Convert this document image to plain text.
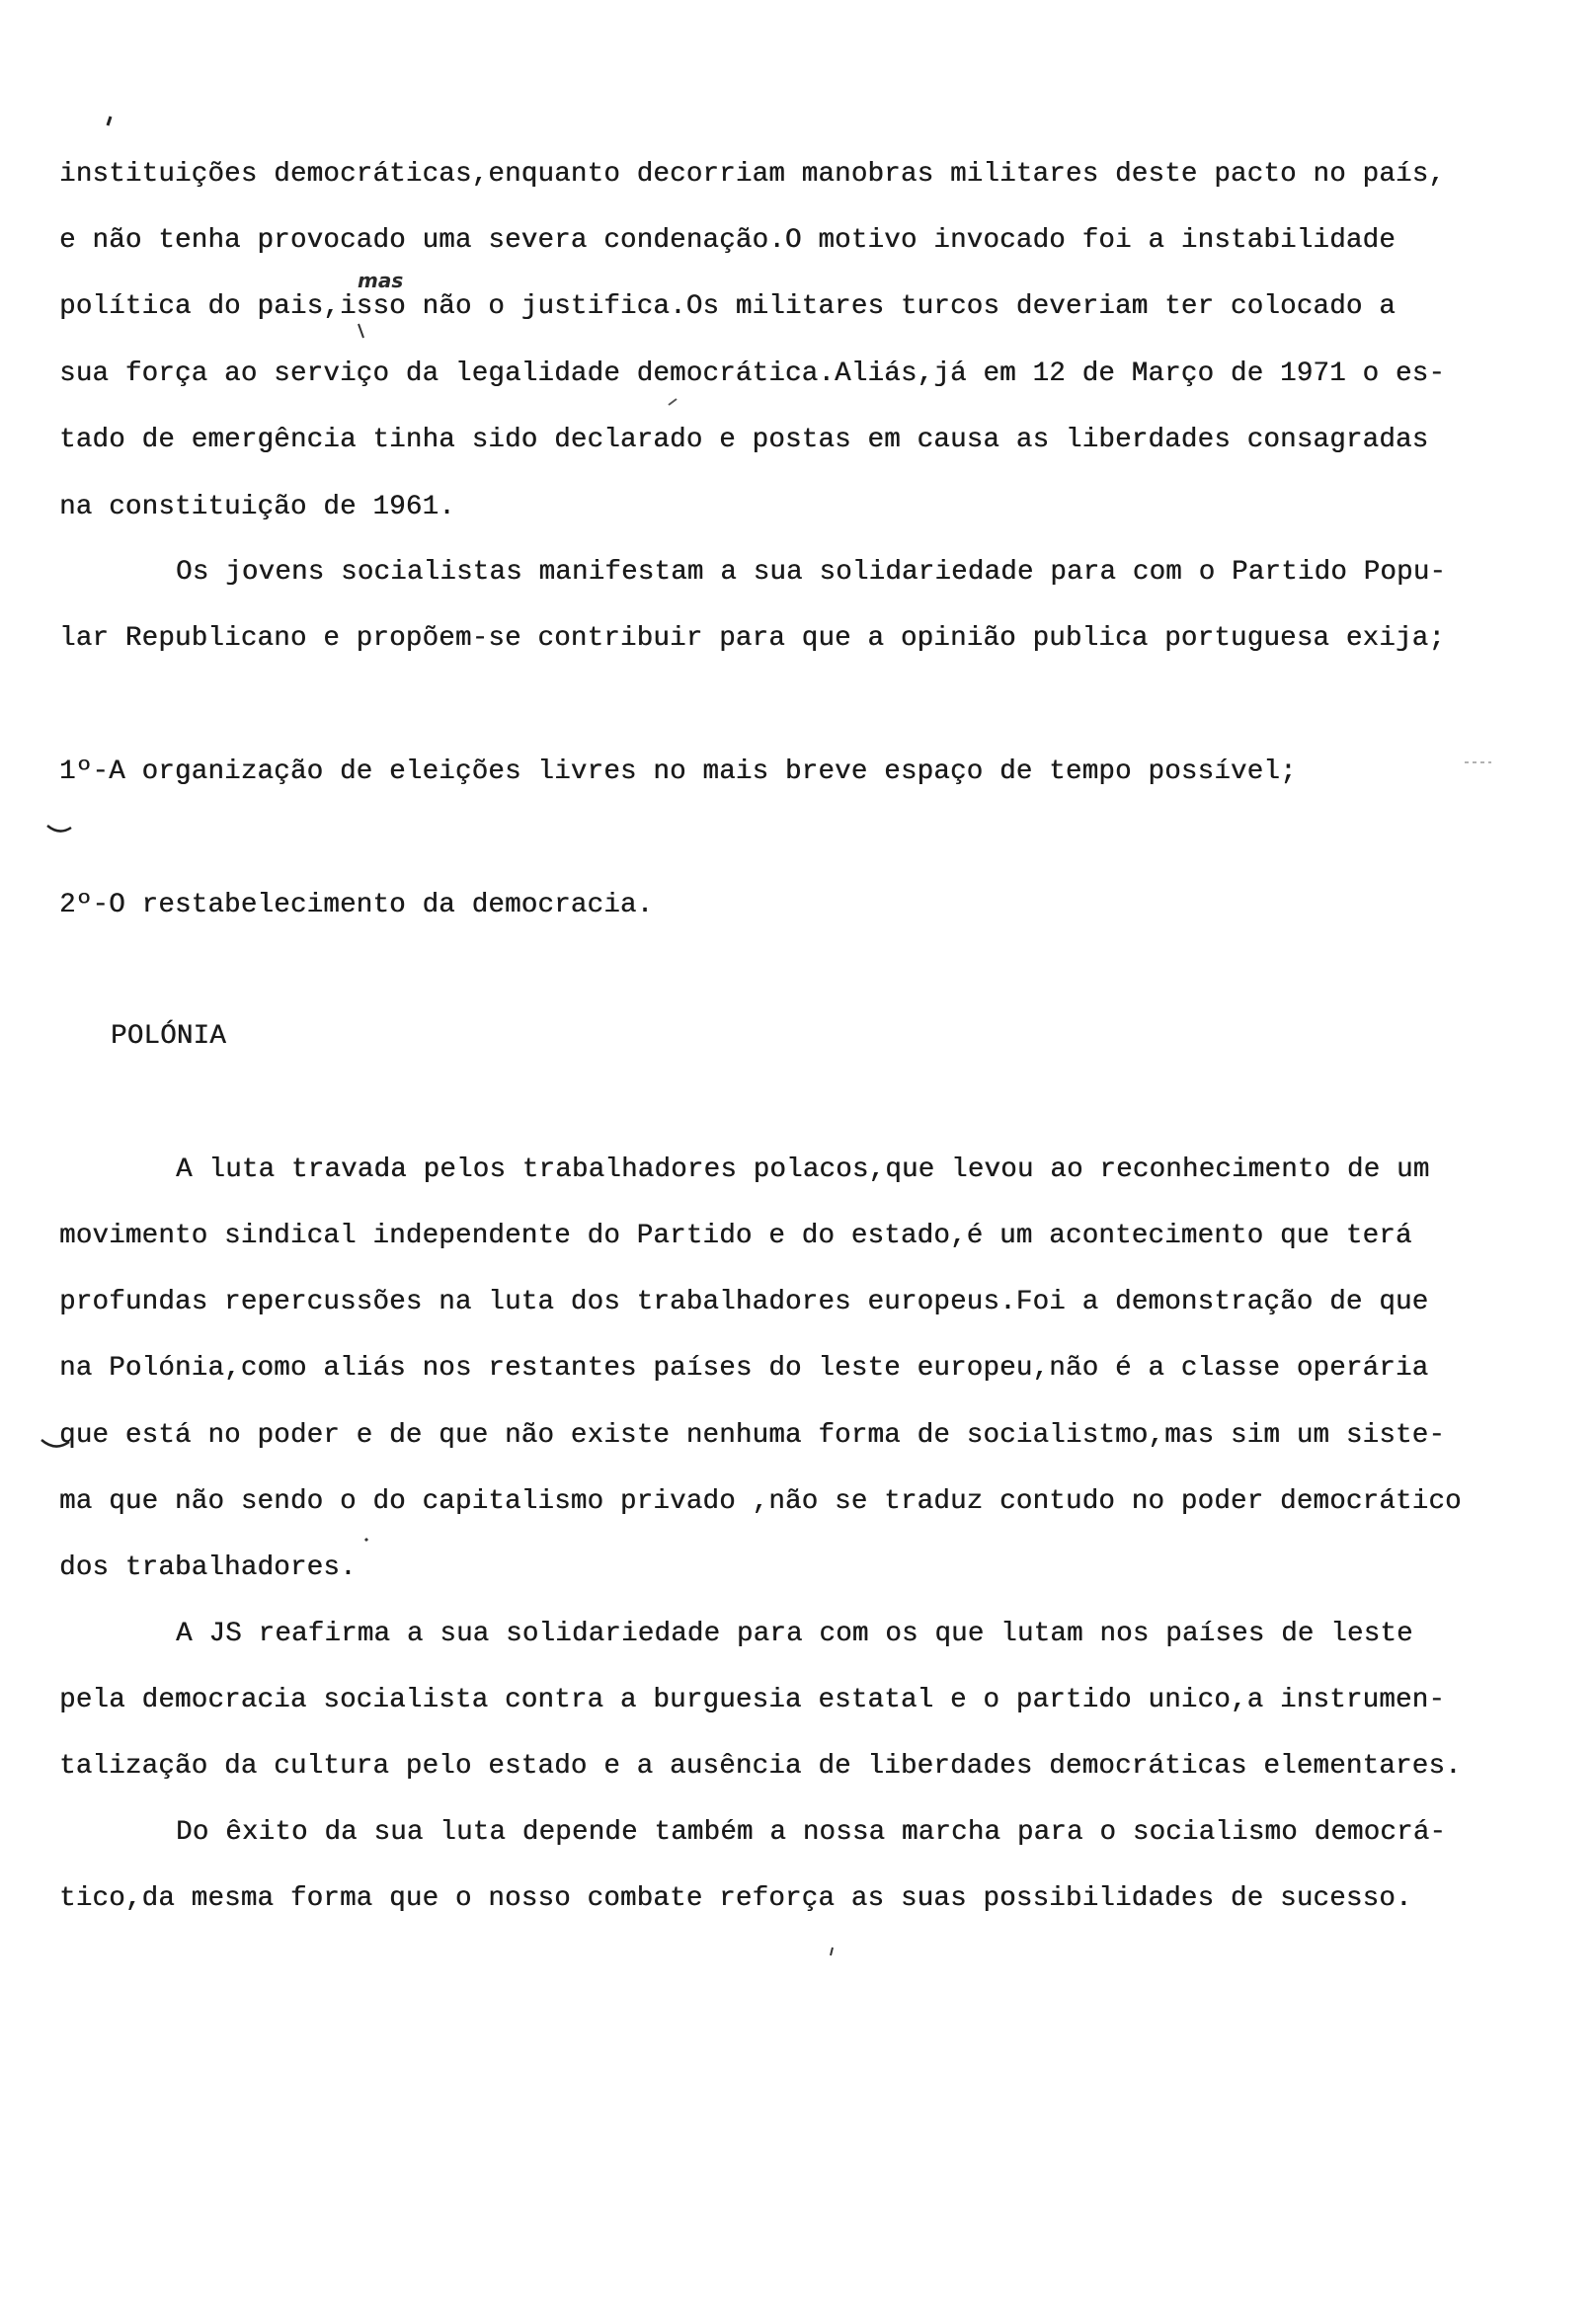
mas
instituições democráticas,enquanto decorriam manobras militares deste pacto no país,
e não tenha provocado uma severa condenação.O motivo invocado foi a instabilidade
política do pais,isso não o justifica.Os militares turcos deveriam ter colocado a
sua força ao serviço da legalidade democrática.Aliás,já em 12 de Março de 1971 o es-
tado de emergência tinha sido declarado e postas em causa as liberdades consagradas
na constituição de 1961.
Os jovens socialistas manifestam a sua solidariedade para com o Partido Popu-
lar Republicano e propõem-se contribuir para que a opinião publica portuguesa exija;
1º-A organização de eleições livres no mais breve espaço de tempo possível;
2º-O restabelecimento da democracia.
POLÓNIA
A luta travada pelos trabalhadores polacos,que levou ao reconhecimento de um
movimento sindical independente do Partido e do estado,é um acontecimento que terá
profundas repercussões na luta dos trabalhadores europeus.Foi a demonstração de que
na Polónia,como aliás nos restantes países do leste europeu,não é a classe operária
que está no poder e de que não existe nenhuma forma de socialistmo,mas sim um siste-
ma que não sendo o do capitalismo privado ,não se traduz contudo no poder democrático
dos trabalhadores.
A JS reafirma a sua solidariedade para com os que lutam nos países de leste
pela democracia socialista contra a burguesia estatal e o partido unico,a instrumen-
talização da cultura pelo estado e a ausência de liberdades democráticas elementares.
Do êxito da sua luta depende também a nossa marcha para o socialismo democrá-
tico,da mesma forma que o nosso combate reforça as suas possibilidades de sucesso.
